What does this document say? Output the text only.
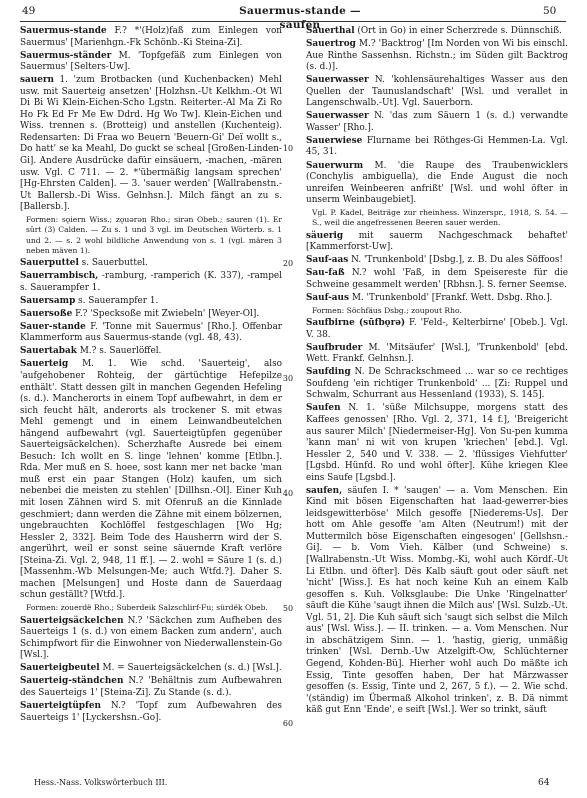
49	Sauermus-stande — saufen
50

Sauermus-stande F.? *'(Holz)faß zum Einlegen von Sauermus' [Marienhgn.-Fk Schönb.-Ki Steina-Zi].

Sauermus-ständer M. 'Topfgefäß zum Einlegen von Sauermus' [Selters-Uw].

sauern 1. 'zum Brotbacken (und Kuchenbacken) Mehl usw. mit Sauerteig ansetzen' [Holzhsn.-Ut Kelkhm.-Ot Wl Di Bi Wi Klein-Eichen-Scho Lgstn. Reiterter.-Al Ma Zi Ro Ho Fk Ed Fr Me Ew Ddrd. Hg Wo Tw]. Klein-Eichen und Wiss. trennen s. (Brotteig) und anstellen (Kuchenteig). Redensarten: Di Fraa wo Beuern 'Beuern-Gi' Deï wollt s., Do hatt' se ka Meahl, Do guckt se scheal [Großen-Linden-Gi]. Andere Ausdrücke dafür einsäuern, -machen, -mären usw. Vgl. C 711. — 2. *'übermäßig langsam sprechen' [Hg-Ehrsten Calden]. — 3. 'sauer werden' [Wallrabenstn.-Ut Ballersb.-Di Wiss. Gelnhsn.]. Milch fängt an zu s. [Ballersb.].

Formen: sǫiern Wiss.; zǫuərən Rho.; sirən Obeb.; sauren (1). Er sûrt (3) Calden. — Zu s. 1 und 3 vgl. im Deutschen Wörterb. s. 1 und 2. — s. 2 wohl bildliche Anwendung von s. 1 (vgl. mären 3 neben mäven 1).

Sauerputtel s. Sauerbuttel.

Sauerrambisch, -ramburg, -ramperich (K. 337), -rampel s. Sauerampfer 1.

Sauersamp s. Sauerampfer 1.

Sauersoße F.? 'Specksoße mit Zwiebeln' [Weyer-Ol].

Sauer-stande F. 'Tonne mit Sauermus' [Rho.]. Offenbar Klammerform aus Sauermus-stande (vgl. 48, 43).

Sauertabak M.? s. Sauerlöffel.

Sauerteig M. 1. Wie schd. 'Sauerteig', also 'aufgehobener Rohteig, der gärtüchtige Hefepilze enthält'. Statt dessen gilt in manchen Gegenden Hefeling (s. d.). Mancherorts in einem Topf aufbewahrt, in dem er sich feucht hält, anderorts als trockener S. mit etwas Mehl gemengt und in einem Leinwandbeutelchen hängend aufbewahrt (vgl. Sauerteigtüpfen gegenüber Sauerteigsäckelchen). Scherzhafte Ausrede bei einem Besuch: Ich wollt en S. linge 'lehnen' komme [Etlbn.]. Rda. Mer muß en S. hoee, sost kann mer net backe 'man muß erst ein paar Stangen (Holz) kaufen, um sich nebenbei die meisten zu stehlen' [Dillhsn.-Ol]. Einer Kuh mit losen Zähnen wird S. mit Ofenruß an die Kinnlade geschmiert; dann werden die Zähne mit einem bölzernen, ungebrauchten Kochlöffel festgeschlagen [Wo Hg; Hessler 2, 332]. Beim Tode des Hausherrn wird der S. angerührt, weil er sonst seine säuernde Kraft verlöre [Steina-Zi. Vgl. 2, 948, 11 ff.]. — 2. wohl = Säure 1 (s. d.) [Massenhm.-Wb Melsungen-Me; auch Wtfd.?]. Daher S. machen [Melsungen] und Hoste dann de Sauerdaag schun geställt? [Wtfd.].

Formen: zouerdë Rho.; Suberdeik Salzschlirf-Fu; sürdëk Obeb.

Sauerteigsäckelchen N.? 'Säckchen zum Aufheben des Sauerteigs 1 (s. d.) von einem Backen zum andern', auch Schimpfwort für die Einwohner von Niederwallenstein-Go [Wsl.].

Sauerteigbeutel M. = Sauerteigsäckelchen (s. d.) [Wsl.].

Sauerteig-ständchen N.? 'Behältnis zum Aufbewahren des Sauerteigs 1' [Steina-Zi]. Zu Stande (s. d.).

Sauerteigtüpfen N.? 'Topf zum Aufbewahren des Sauerteigs 1' [Lyckershsn.-Go].

10
20
30
40
50
60

Sauerthal (Ort in Go) in einer Scherzrede s. Dünnschiß.

Sauertrog M.? 'Backtrog' [Im Norden von Wi bis einschl. Aue Rinthe Sassenhsn. Richstn.; im Süden gilt Backtrog (s. d.)].

Sauerwasser N. 'kohlensäurehaltiges Wasser aus den Quellen der Taunuslandschaft' [Wsl. und verallet in Langenschwalb.-Ut]. Vgl. Sauerborn.

Sauerwasser N. 'das zum Säuern 1 (s. d.) verwandte Wasser' [Rho.].

Sauerwiese Flurname bei Röthges-Gi Hemmen-La. Vgl. 45, 31.

Sauerwurm M. 'die Raupe des Traubenwicklers (Conchylis ambiguella), die Ende August die noch unreifen Weinbeeren anfrißt' [Wsl. und wohl öfter in unserm Weinbaugebiet].

Vgl. P. Kadel, Beiträge zur rheinhess. Winzerspr., 1918, S. 54. — S., weil die angefressenen Beeren sauer werden.

säuerig mit sauerm Nachgeschmack behaftet' [Kammerforst-Uw].

Sauf-aas N. 'Trunkenbold' [Dsbg.], z. B. Du ales Söffoos!

Sau-faß N.? wohl 'Faß, in dem Speisereste für die Schweine gesammelt werden' [Rbhsn.]. S. ferner Seemse.

Sauf-aus M. 'Trunkenbold' [Frankf. Wett. Dsbg. Rho.].

Formen: Söchfäus Dsbg.; zoupout Rho.

Saufbirne (sūfbǫrə) F. 'Feld-, Kelterbirne' [Obeb.]. Vgl. V. 38.

Saufbruder M. 'Mitsäufer' [Wsl.], 'Trunkenbold' [ebd. Wett. Frankf. Gelnhsn.].

Saufding N. De Schrackschmeed ... war so ce rechtiges Soufdeng 'ein richtiger Trunkenbold' ... [Zi: Ruppel und Schwalm, Schurrant aus Hessenland (1933), S. 145].

Saufen N. 1. 'süße Milchsuppe, morgens statt des Kaffees genossen' [Rho. Vgl. 2, 371, 14 f.], 'Breigericht aus saurer Milch' [Niedermeiser-Hg]. Von Su-pen kumma 'kann man' ni wit von krupen 'kriechen' [ebd.]. Vgl. Hessler 2, 540 und V. 338. — 2. 'flüssiges Viehfutter' [Lgsbd. Hünfd. Ro und wohl öfter]. Kühe kriegen Klee eins Saufe [Lgsbd.].

saufen, säufen I. * 'saugen' — a. Vom Menschen. Ein Kind mit bösen Eigenschaften hat laad-gewerrer-bies leidsgewitterböse' Milch gesoffe [Niederems-Us]. Der hott om Ahle gesoffe 'am Alten (Neutrum!) mit der Muttermilch böse Eigenschaften eingesogen' [Gellshsn.-Gi]. — b. Vom Vieh. Kälber (und Schweine) s. [Wallrabenstn.-Ut Wiss. Mombg.-Ki, wohl auch Kördf.-Ut Li Etlbn. und öfter]. Dës Kalb säuft gout oder säuft net 'nicht' [Wiss.]. Es hat noch keine Kuh an einem Kalb gesoffen s. Kuh. Volksglaube: Die Unke 'Ringelnatter' säuft die Kühe 'saugt ihnen die Milch aus' [Wsl. Sulzb.-Ut. Vgl. 51, 2]. Die Kuh säuft sich 'saugt sich selbst die Milch aus' [Wsl. Wiss.]. — II. trinken. — a. Vom Menschen. Nur in abschätzigem Sinn. — 1. 'hastig, gierig, unmäßig trinken' [Wsl. Dernb.-Uw Atzelgift-Ow, Schlüchterner Gegend, Kohden-Bü]. Hierher wohl auch Do mäßte ich Essig, Tinte gesoffen haben, Der hat Märzwasser gesoffen (s. Essig, Tinte und 2, 267, 5 f.). — 2. Wie schd. '(ständig) im Übermaß Alkohol trinken', z. B. Dä nimmt käß gut Enn 'Ende', e seift [Wsl.]. Wer so trinkt, säuft

Hess.-Nass. Volkswörterbuch III.	64
